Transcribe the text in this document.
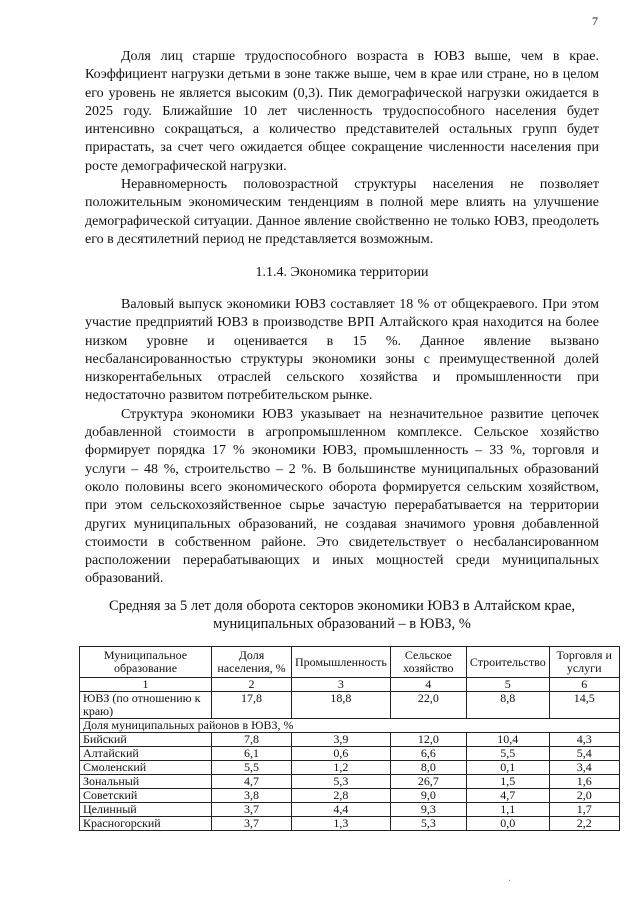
7

Доля лиц старше трудоспособного возраста в ЮВЗ выше, чем в крае. Коэффициент нагрузки детьми в зоне также выше, чем в крае или стране, но в целом его уровень не является высоким (0,3). Пик демографической нагрузки ожидается в 2025 году. Ближайшие 10 лет численность трудоспособного населения будет интенсивно сокращаться, а количество представителей остальных групп будет прирастать, за счет чего ожидается общее сокращение численности населения при росте демографической нагрузки.

Неравномерность половозрастной структуры населения не позволяет положительным экономическим тенденциям в полной мере влиять на улучшение демографической ситуации. Данное явление свойственно не только ЮВЗ, преодолеть его в десятилетний период не представляется возможным.

1.1.4. Экономика территории

Валовый выпуск экономики ЮВЗ составляет 18 % от общекраевого. При этом участие предприятий ЮВЗ в производстве ВРП Алтайского края находится на более низком уровне и оценивается в 15 %. Данное явление вызвано несбалансированностью структуры экономики зоны с преимущественной долей низкорентабельных отраслей сельского хозяйства и промышленности при недостаточно развитом потребительском рынке.

Структура экономики ЮВЗ указывает на незначительное развитие цепочек добавленной стоимости в агропромышленном комплексе. Сельское хозяйство формирует порядка 17 % экономики ЮВЗ, промышленность – 33 %, торговля и услуги – 48 %, строительство – 2 %. В большинстве муниципальных образований около половины всего экономического оборота формируется сельским хозяйством, при этом сельскохозяйственное сырье зачастую перерабатывается на территории других муниципальных образований, не создавая значимого уровня добавленной стоимости в собственном районе. Это свидетельствует о несбалансированном расположении перерабатывающих и иных мощностей среди муниципальных образований.

Средняя за 5 лет доля оборота секторов экономики ЮВЗ в Алтайском крае, муниципальных образований – в ЮВЗ, %
Муниципальное образование	Доля населения, %	Промышленность	Сельское хозяйство	Строительство	Торговля и услуги
1	2	3	4	5	6
ЮВЗ (по отношению к краю)	17,8	18,8	22,0	8,8	14,5
Доля муниципальных районов в ЮВЗ, %					
Бийский	7,8	3,9	12,0	10,4	4,3
Алтайский	6,1	0,6	6,6	5,5	5,4
Смоленский	5,5	1,2	8,0	0,1	3,4
Зональный	4,7	5,3	26,7	1,5	1,6
Советский	3,8	2,8	9,0	4,7	2,0
Целинный	3,7	4,4	9,3	1,1	1,7
Красногорский	3,7	1,3	5,3	0,0	2,2
·
